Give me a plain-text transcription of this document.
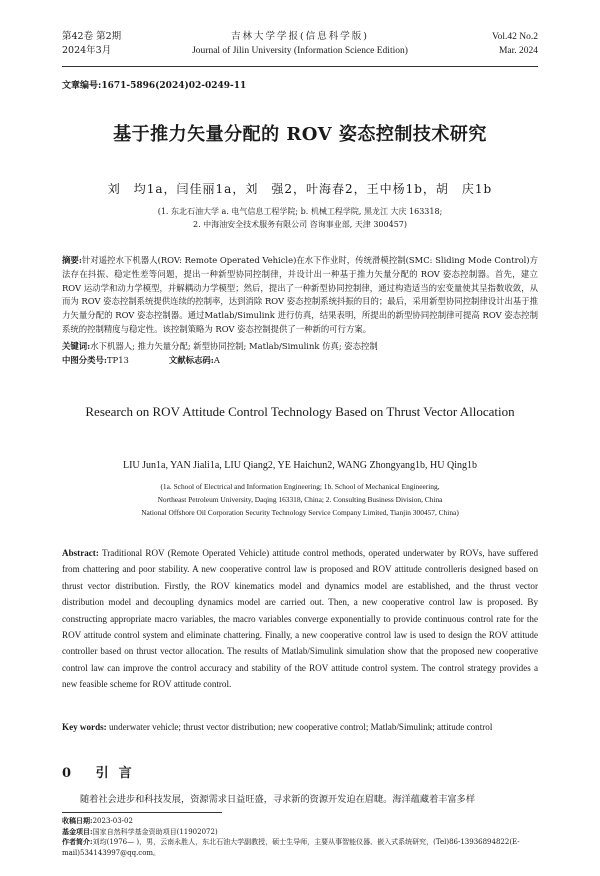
第42卷 第2期
2024年3月
吉林大学学报(信息科学版)
Journal of Jilin University (Information Science Edition)
Vol.42 No.2
Mar. 2024
文章编号:1671-5896(2024)02-0249-11
基于推力矢量分配的 ROV 姿态控制技术研究
刘　均1a，闫佳丽1a，刘　强2，叶海春2，王中杨1b，胡　庆1b
(1. 东北石油大学 a. 电气信息工程学院; b. 机械工程学院, 黑龙江 大庆 163318;
2. 中海油安全技术服务有限公司 咨询事业部, 天津 300457)
摘要:针对遥控水下机器人(ROV: Remote Operated Vehicle)在水下作业时，传统滑模控制(SMC: Sliding Mode Control)方法存在抖振、稳定性差等问题，提出一种新型协同控制律，并设计出一种基于推力矢量分配的 ROV 姿态控制器。首先，建立 ROV 运动学和动力学模型，并解耦动力学模型；然后，提出了一种新型协同控制律，通过构造适当的宏变量使其呈指数收敛，从而为 ROV 姿态控制系统提供连续的控制率，达到消除 ROV 姿态控制系统抖振的目的；最后，采用新型协同控制律设计出基于推力矢量分配的 ROV 姿态控制器。通过Matlab/Simulink 进行仿真，结果表明，所提出的新型协同控制律可提高 ROV 姿态控制系统的控制精度与稳定性。该控制策略为 ROV 姿态控制提供了一种新的可行方案。
关键词:水下机器人; 推力矢量分配; 新型协同控制; Matlab/Simulink 仿真; 姿态控制
中图分类号:TP13	文献标志码:A
Research on ROV Attitude Control Technology Based on Thrust Vector Allocation
LIU Jun1a, YAN Jiali1a, LIU Qiang2, YE Haichun2, WANG Zhongyang1b, HU Qing1b
(1a. School of Electrical and Information Engineering; 1b. School of Mechanical Engineering,
Northeast Petroleum University, Daqing 163318, China; 2. Consulting Business Division, China
National Offshore Oil Corporation Security Technology Service Company Limited, Tianjin 300457, China)
Abstract: Traditional ROV (Remote Operated Vehicle) attitude control methods, operated underwater by ROVs, have suffered from chattering and poor stability. A new cooperative control law is proposed and ROV attitude controlleris designed based on thrust vector distribution. Firstly, the ROV kinematics model and dynamics model are established, and the thrust vector distribution model and decoupling dynamics model are carried out. Then, a new cooperative control law is proposed. By constructing appropriate macro variables, the macro variables converge exponentially to provide continuous control rate for the ROV attitude control system and eliminate chattering. Finally, a new cooperative control law is used to design the ROV attitude controller based on thrust vector allocation. The results of Matlab/Simulink simulation show that the proposed new cooperative control law can improve the control accuracy and stability of the ROV attitude control system. The control strategy provides a new feasible scheme for ROV attitude control.
Key words: underwater vehicle; thrust vector distribution; new cooperative control; Matlab/Simulink; attitude control
0 引言
随着社会进步和科技发展，资源需求日益旺盛，寻求新的资源开发迫在眉睫。海洋蕴藏着丰富多样
收稿日期:2023-03-02
基金项目:国家自然科学基金资助项目(11902072)
作者简介:刘均(1976— )，男，云南永胜人，东北石油大学副教授，硕士生导师，主要从事智能仪器、嵌入式系统研究，(Tel)86-13936894822(E-mail)534143997@qq.com。
